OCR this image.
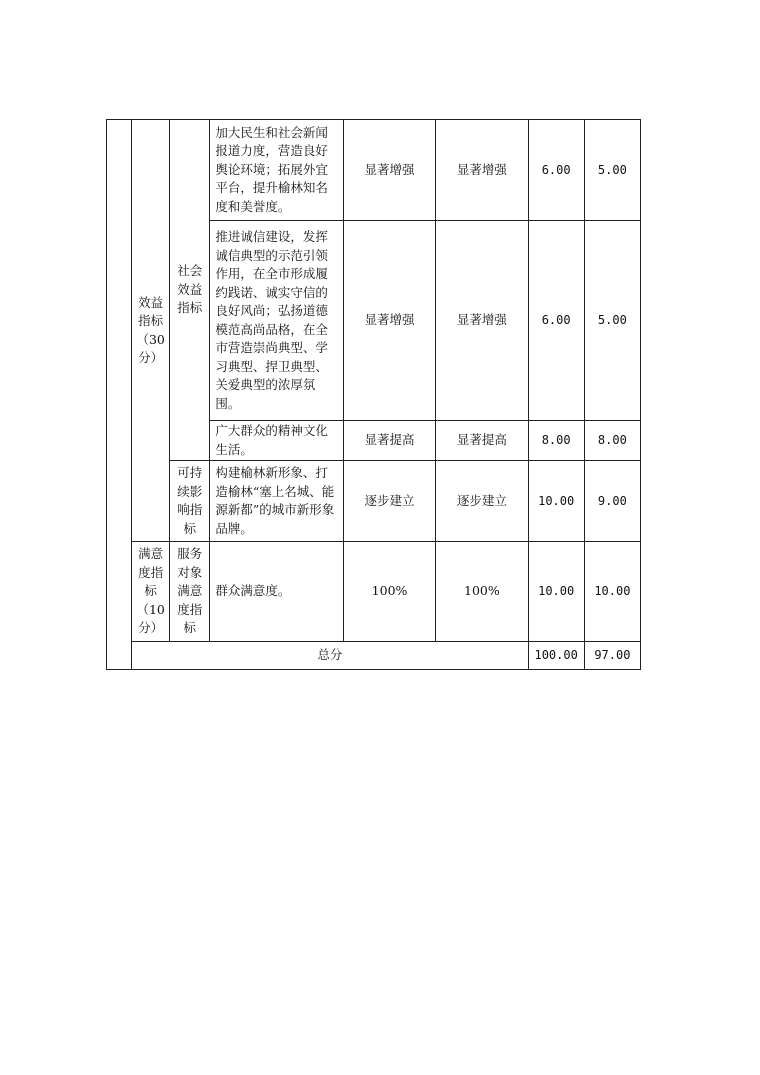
	效益指标（30分）	社会效益指标	加大民生和社会新闻报道力度，营造良好舆论环境；拓展外宜平台，提升榆林知名度和美誉度。	显著增强	显著增强	6.00	5.00
			推进诚信建设，发挥诚信典型的示范引领作用，在全市形成履约践诺、诚实守信的良好风尚；弘扬道德模范高尚品格，在全市营造崇尚典型、学习典型、捍卫典型、关爱典型的浓厚氛围。	显著增强	显著增强	6.00	5.00
			广大群众的精神文化生活。	显著提高	显著提高	8.00	8.00
		可持续影响指标	构建榆林新形象、打造榆林“塞上名城、能源新都”的城市新形象品牌。	逐步建立	逐步建立	10.00	9.00
	满意度指标（10分）	服务对象满意度指标	群众满意度。	100%	100%	10.00	10.00
	总分					100.00	97.00
